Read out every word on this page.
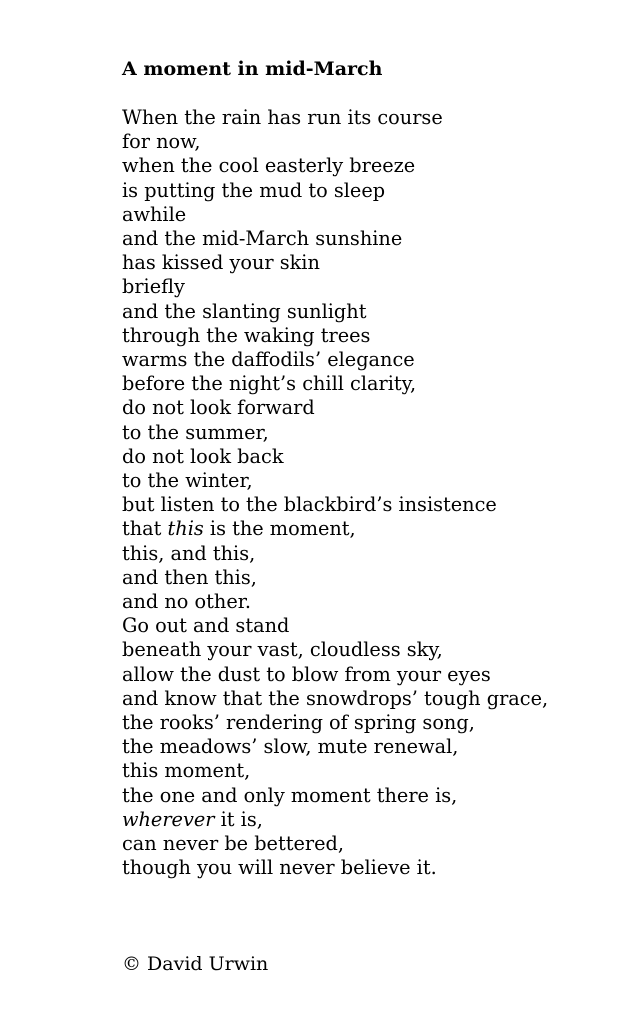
A moment in mid-March
When the rain has run its course
for now,
when the cool easterly breeze
is putting the mud to sleep
awhile
and the mid-March sunshine
has kissed your skin
briefly
and the slanting sunlight
through the waking trees
warms the daffodils’ elegance
before the night’s chill clarity,
do not look forward
to the summer,
do not look back
to the winter,
but listen to the blackbird’s insistence
that this is the moment,
this, and this,
and then this,
and no other.
Go out and stand
beneath your vast, cloudless sky,
allow the dust to blow from your eyes
and know that the snowdrops’ tough grace,
the rooks’ rendering of spring song,
the meadows’ slow, mute renewal,
this moment,
the one and only moment there is,
wherever it is,
can never be bettered,
though you will never believe it.

© David Urwin
